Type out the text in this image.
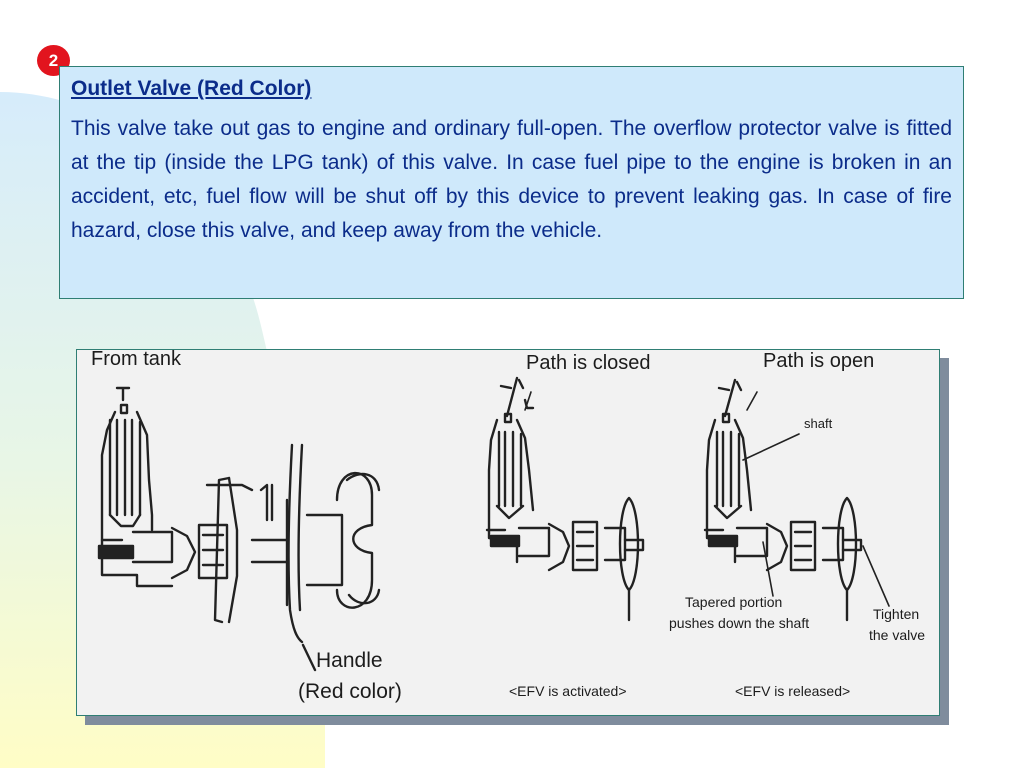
2

Outlet Valve (Red Color)

This valve take out gas to engine and ordinary full-open. The overflow protector valve is fitted at the tip (inside the LPG tank) of this valve. In case fuel pipe to the engine is broken in an accident, etc, fuel flow will be shut off by this device to prevent leaking gas. In case of fire hazard, close this valve, and keep away from the vehicle.

From tank	Path is closed	Path is open
shaft
Tapered portion
pushes down the shaft
Tighten
the valve
Handle
(Red color)	<EFV is activated>	<EFV is released>
